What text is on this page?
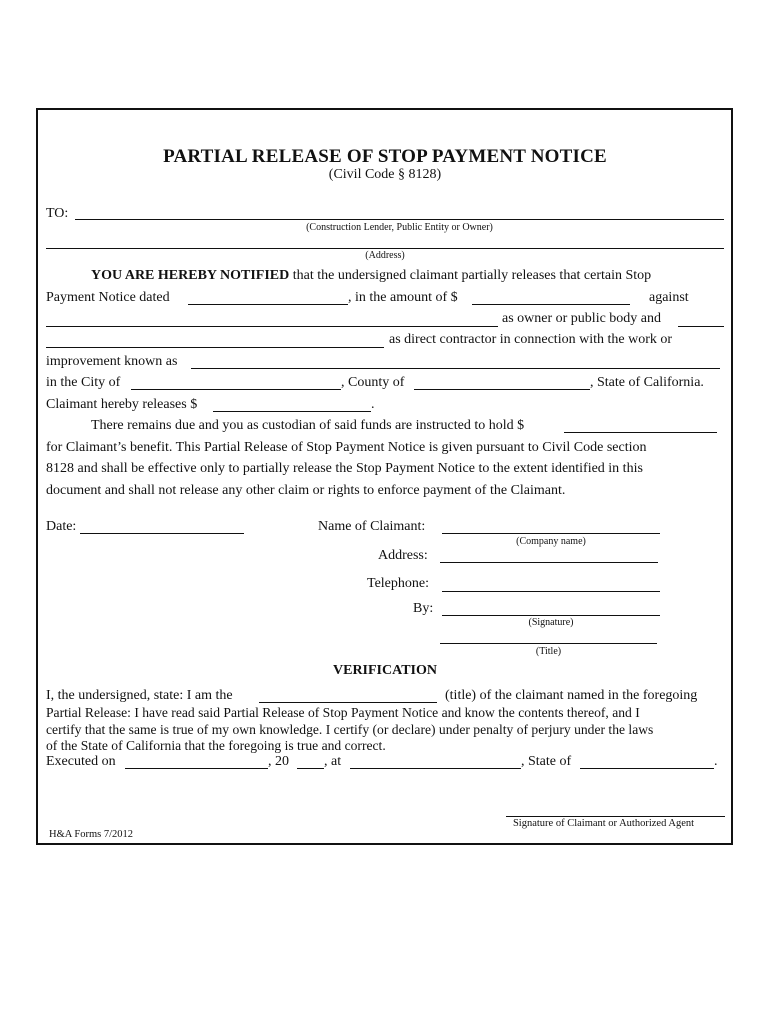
PARTIAL RELEASE OF STOP PAYMENT NOTICE
(Civil Code § 8128)
TO:
(Construction Lender, Public Entity or Owner)
(Address)
YOU ARE HEREBY NOTIFIED that the undersigned claimant partially releases that certain Stop
Payment Notice dated	, in the amount of $	against
as owner or public body and
as direct contractor in connection with the work or
improvement known as
in the City of	, County of	, State of California.
Claimant hereby releases $	.
There remains due and you as custodian of said funds are instructed to hold $
for Claimant’s benefit. This Partial Release of Stop Payment Notice is given pursuant to Civil Code section
8128 and shall be effective only to partially release the Stop Payment Notice to the extent identified in this
document and shall not release any other claim or rights to enforce payment of the Claimant.
Date:	Name of Claimant:
(Company name)
Address:
Telephone:
By:
(Signature)
(Title)
VERIFICATION
I, the undersigned, state: I am the	(title) of the claimant named in the foregoing
Partial Release: I have read said Partial Release of Stop Payment Notice and know the contents thereof, and I
certify that the same is true of my own knowledge. I certify (or declare) under penalty of perjury under the laws
of the State of California that the foregoing is true and correct.
Executed on	, 20	, at	, State of	.
Signature of Claimant or Authorized Agent
H&A Forms 7/2012
